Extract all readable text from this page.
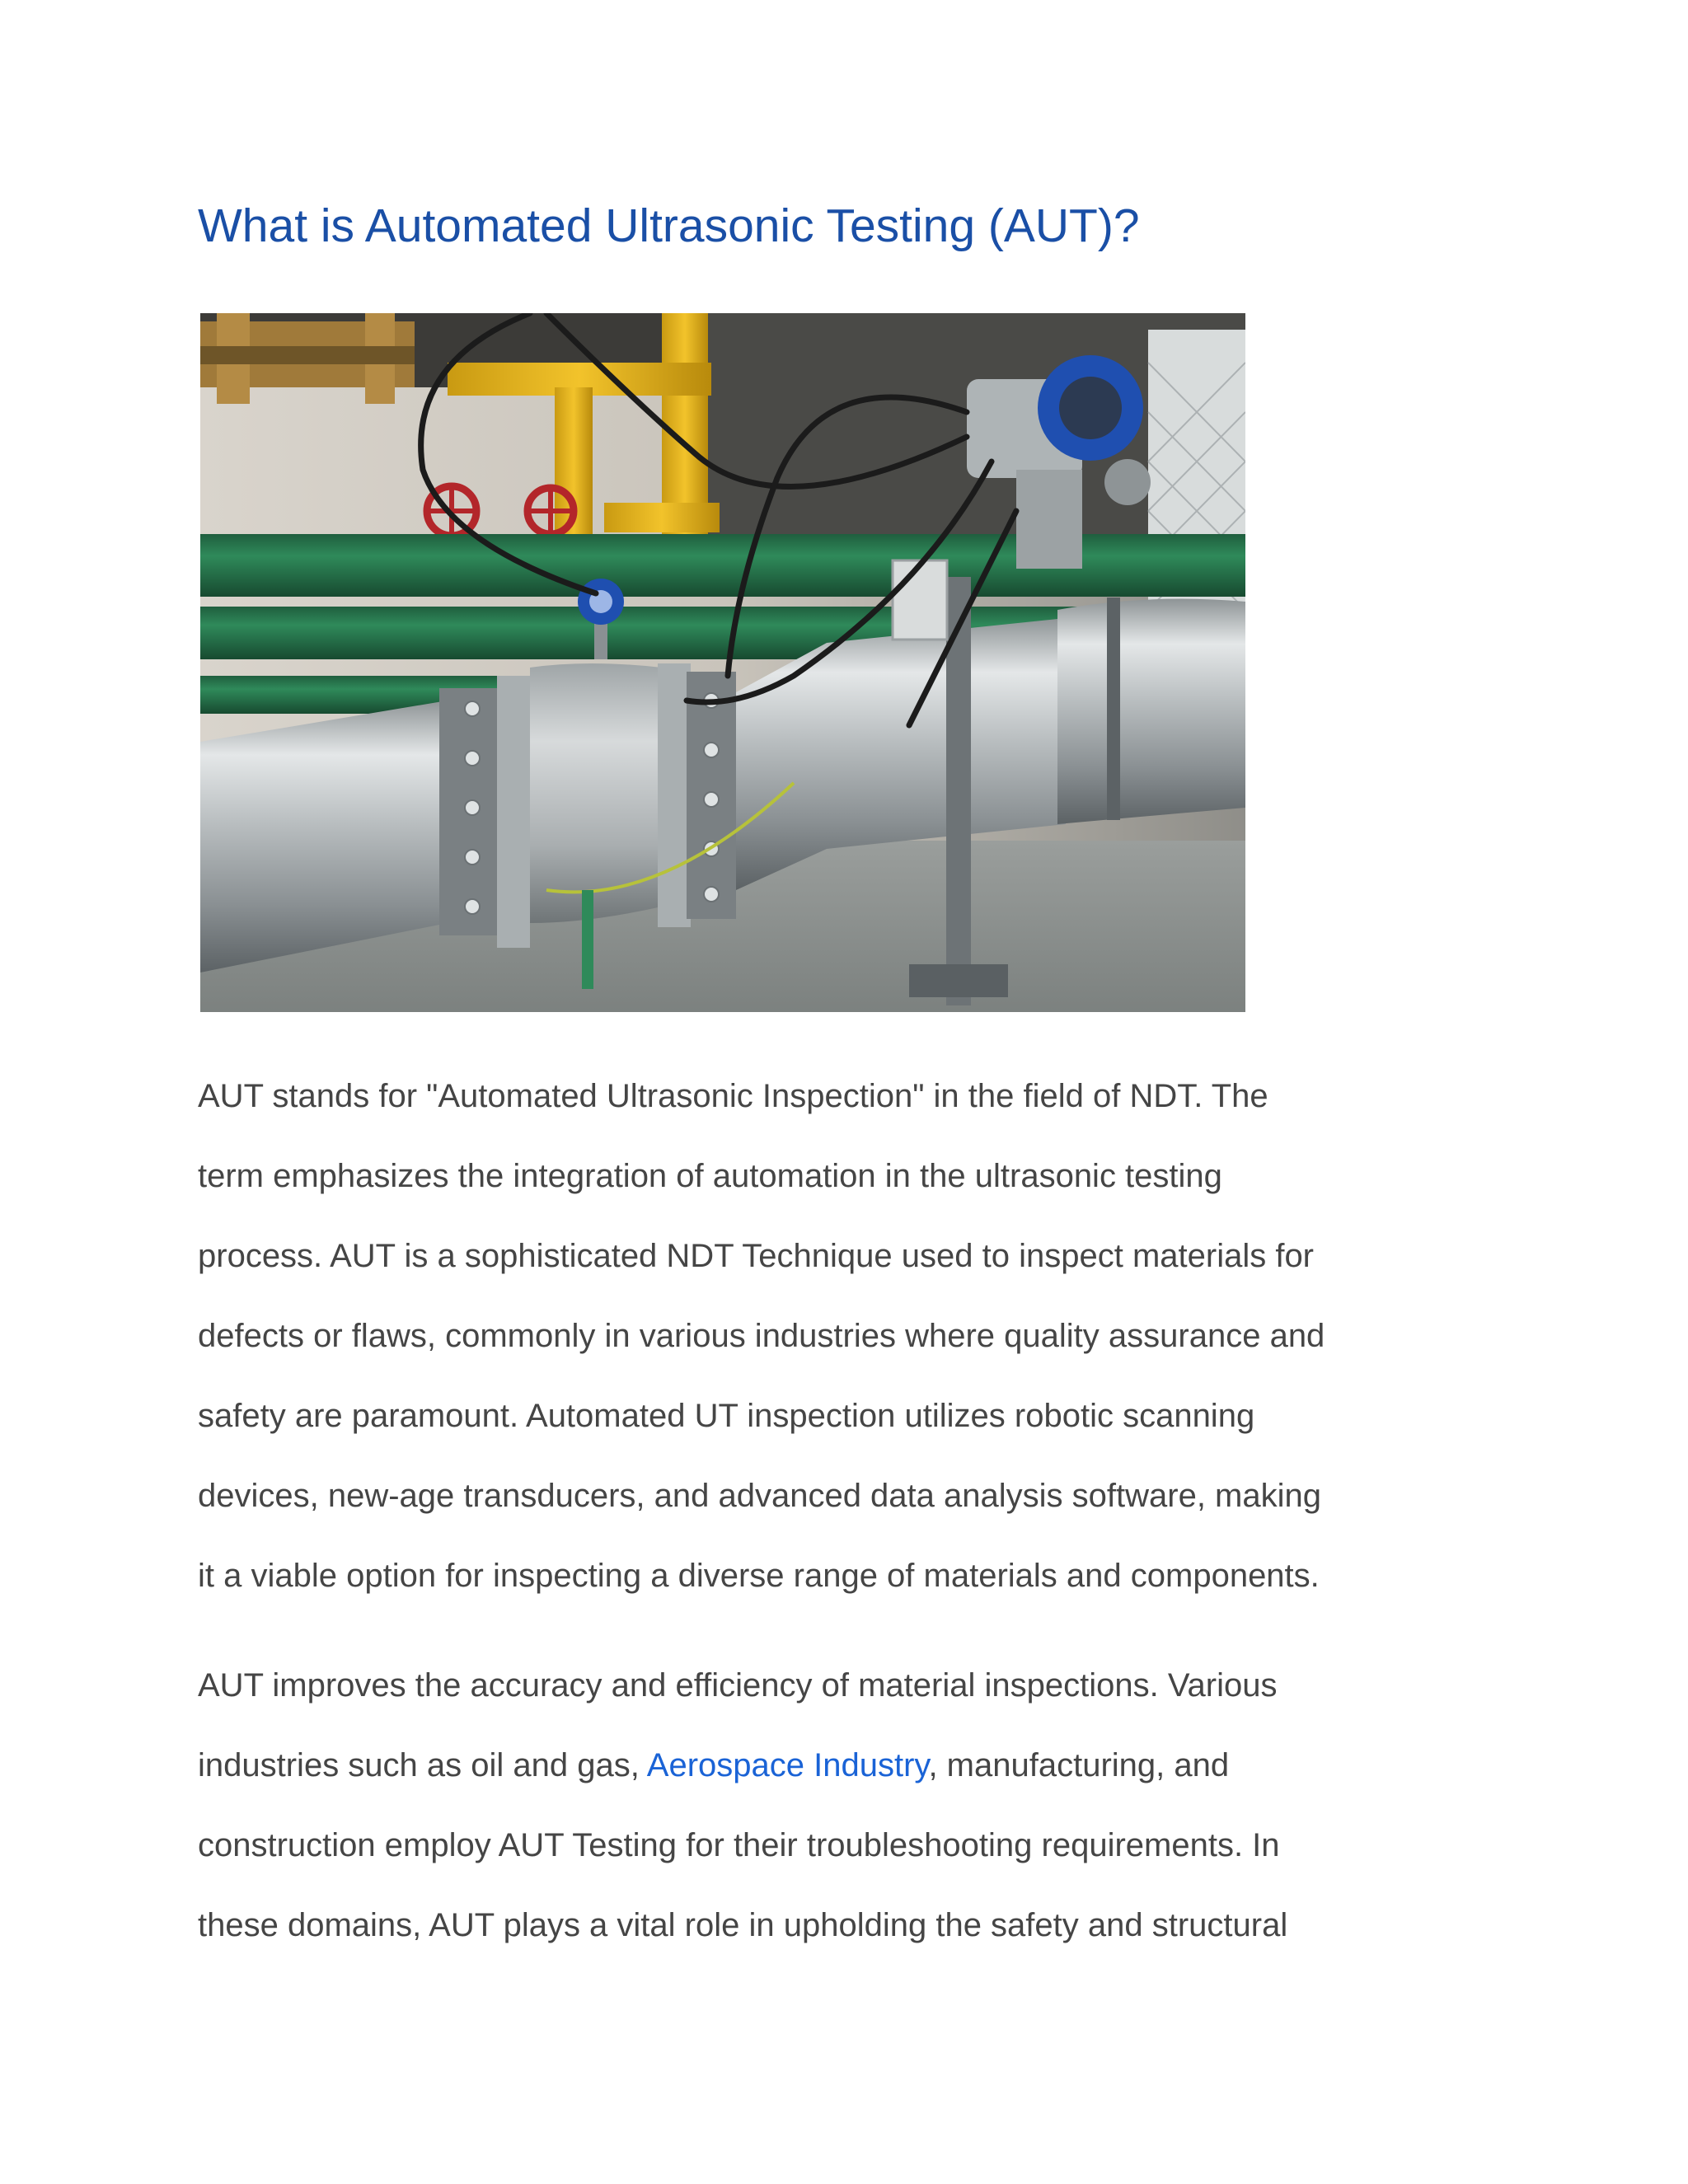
What is Automated Ultrasonic Testing (AUT)?

AUT stands for "Automated Ultrasonic Inspection" in the field of NDT. The
term emphasizes the integration of automation in the ultrasonic testing
process. AUT is a sophisticated NDT Technique used to inspect materials for
defects or flaws, commonly in various industries where quality assurance and
safety are paramount. Automated UT inspection utilizes robotic scanning
devices, new-age transducers, and advanced data analysis software, making
it a viable option for inspecting a diverse range of materials and components.

AUT improves the accuracy and efficiency of material inspections. Various
industries such as oil and gas, Aerospace Industry, manufacturing, and
construction employ AUT Testing for their troubleshooting requirements. In
these domains, AUT plays a vital role in upholding the safety and structural
